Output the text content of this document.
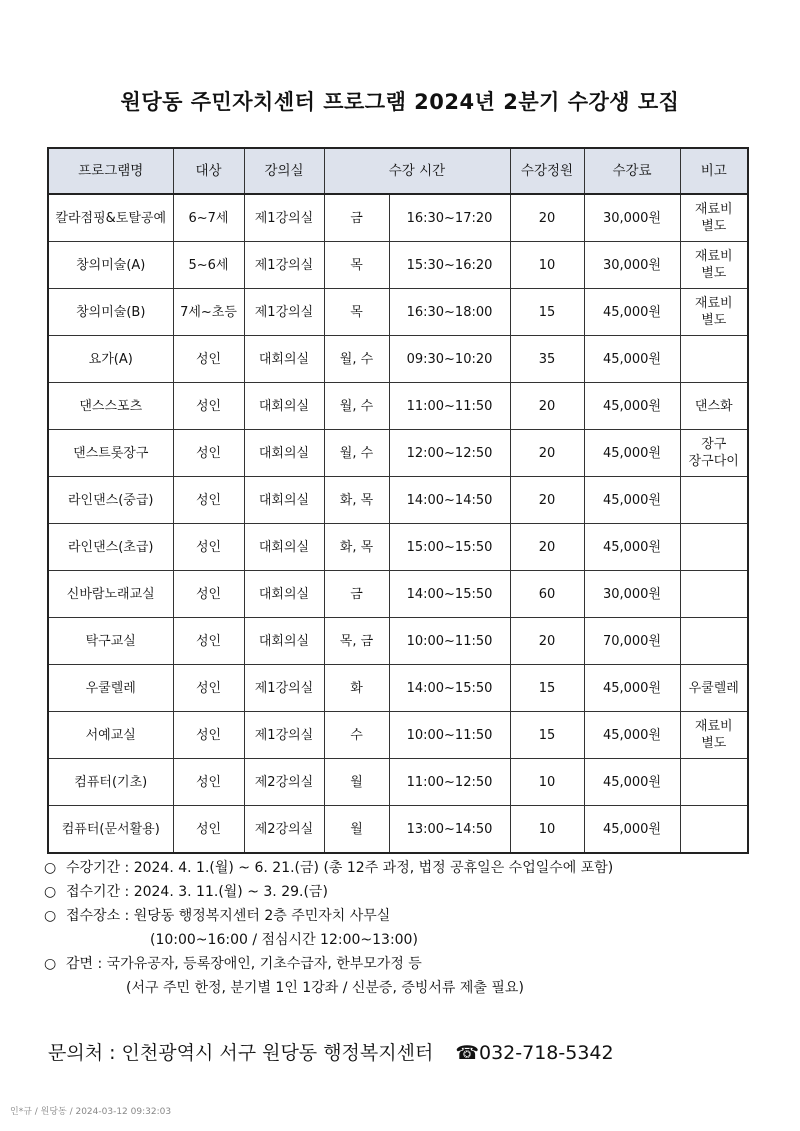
원당동 주민자치센터 프로그램 2024년 2분기 수강생 모집
프로그램명	대상	강의실	수강 시간		수강정원	수강료	비고
칼라점핑&토탈공예	6~7세	제1강의실	금	16:30~17:20	20	30,000원	재료비
별도

창의미술(A)	5~6세	제1강의실	목	15:30~16:20	10	30,000원	재료비
별도

창의미술(B)	7세~초등	제1강의실	목	16:30~18:00	15	45,000원	재료비
별도

요가(A)	성인	대회의실	월, 수	09:30~10:20	35	45,000원	

댄스스포츠	성인	대회의실	월, 수	11:00~11:50	20	45,000원	댄스화

댄스트롯장구	성인	대회의실	월, 수	12:00~12:50	20	45,000원	장구
장구다이

라인댄스(중급)	성인	대회의실	화, 목	14:00~14:50	20	45,000원	

라인댄스(초급)	성인	대회의실	화, 목	15:00~15:50	20	45,000원	

신바람노래교실	성인	대회의실	금	14:00~15:50	60	30,000원	

탁구교실	성인	대회의실	목, 금	10:00~11:50	20	70,000원	

우쿨렐레	성인	제1강의실	화	14:00~15:50	15	45,000원	우쿨렐레

서예교실	성인	제1강의실	수	10:00~11:50	15	45,000원	재료비
별도

컴퓨터(기초)	성인	제2강의실	월	11:00~12:50	10	45,000원	

컴퓨터(문서활용)	성인	제2강의실	월	13:00~14:50	10	45,000원	
○ 수강기간 : 2024. 4. 1.(월) ~ 6. 21.(금) (총 12주 과정, 법정 공휴일은 수업일수에 포함)
○ 접수기간 : 2024. 3. 11.(월) ~ 3. 29.(금)
○ 접수장소 : 원당동 행정복지센터 2층 주민자치 사무실
(10:00~16:00 / 점심시간 12:00~13:00)
○ 감면 : 국가유공자, 등록장애인, 기초수급자, 한부모가정 등
(서구 주민 한정, 분기별 1인 1강좌 / 신분증, 증빙서류 제출 필요)
문의처 : 인천광역시 서구 원당동 행정복지센터 ☎032-718-5342
인*규 / 원당동 / 2024-03-12 09:32:03
